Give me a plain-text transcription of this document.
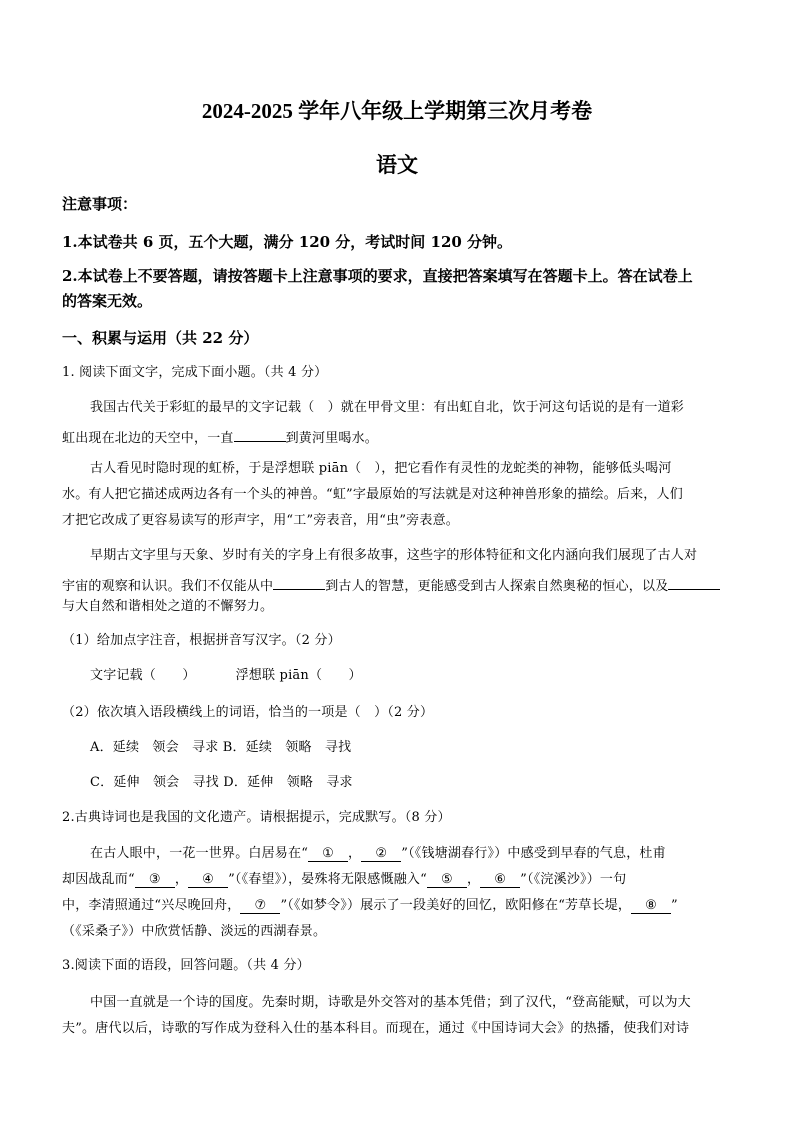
2024-2025 学年八年级上学期第三次月考卷
语文
注意事项：
1.本试卷共 6 页，五个大题，满分 120 分，考试时间 120 分钟。
2.本试卷上不要答题，请按答题卡上注意事项的要求，直接把答案填写在答题卡上。答在试卷上
的答案无效。
一、积累与运用（共 22 分）
1. 阅读下面文字，完成下面小题。（共 4 分）
我国古代关于彩虹的最早的文字记载（　）就在甲骨文里：有出虹自北，饮于河这句话说的是有一道彩
虹出现在北边的天空中，一直	到黄河里喝水。
古人看见时隐时现的虹桥，于是浮想联 piān（　），把它看作有灵性的龙蛇类的神物，能够低头喝河
水。有人把它描述成两边各有一个头的神兽。“虹”字最原始的写法就是对这种神兽形象的描绘。后来，人们
才把它改成了更容易读写的形声字，用“工”旁表音，用“虫”旁表意。
早期古文字里与天象、岁时有关的字身上有很多故事，这些字的形体特征和文化内涵向我们展现了古人对
宇宙的观察和认识。我们不仅能从中	到古人的智慧，更能感受到古人探索自然奥秘的恒心，以及
与大自然和谐相处之道的不懈努力。
（1）给加点字注音，根据拼音写汉字。（2 分）
文字记载（　　）	浮想联 piān（　　）
（2）依次填入语段横线上的词语，恰当的一项是（　）（2 分）
A．延续　领会　寻求 B．延续　领略　寻找
C．延伸　领会　寻找 D．延伸　领略　寻求
2.古典诗词也是我国的文化遗产。请根据提示，完成默写。（8 分）
在古人眼中，一花一世界。白居易在“ ① ， ② ”（《钱塘湖春行》）中感受到早春的气息，杜甫
却因战乱而“ ③ ， ④ ”（《春望》），晏殊将无限感慨融入“ ⑤ ， ⑥ ”（《浣溪沙》）一句
中，李清照通过“兴尽晚回舟， ⑦ ”（《如梦令》）展示了一段美好的回忆，欧阳修在“芳草长堤， ⑧ ”
（《采桑子》）中欣赏恬静、淡远的西湖春景。
3.阅读下面的语段，回答问题。（共 4 分）
中国一直就是一个诗的国度。先秦时期，诗歌是外交答对的基本凭借；到了汉代，“登高能赋，可以为大
夫”。唐代以后，诗歌的写作成为登科入仕的基本科目。而现在，通过《中国诗词大会》的热播，使我们对诗
